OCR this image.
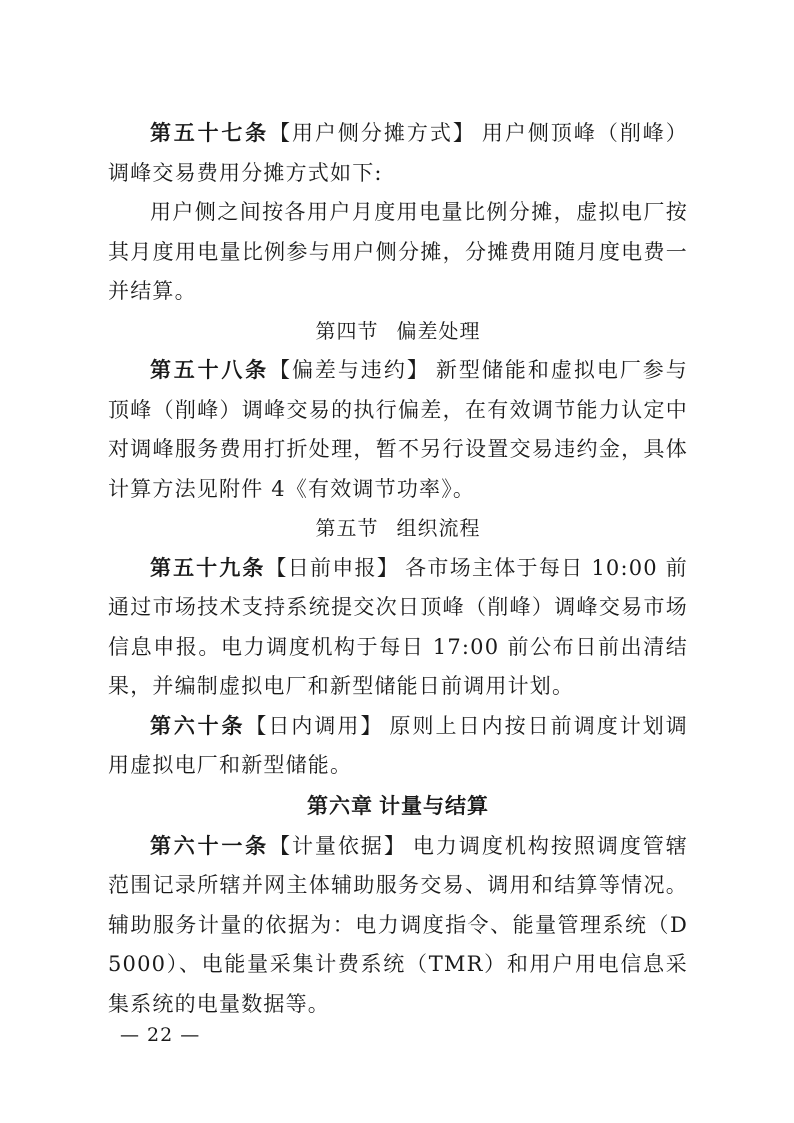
第五十七条【用户侧分摊方式】 用户侧顶峰（削峰）调峰交易费用分摊方式如下:

用户侧之间按各用户月度用电量比例分摊，虚拟电厂按其月度用电量比例参与用户侧分摊，分摊费用随月度电费一并结算。

第四节 偏差处理

第五十八条【偏差与违约】 新型储能和虚拟电厂参与顶峰（削峰）调峰交易的执行偏差，在有效调节能力认定中对调峰服务费用打折处理，暂不另行设置交易违约金，具体计算方法见附件 4《有效调节功率》。

第五节 组织流程

第五十九条【日前申报】 各市场主体于每日 10:00 前通过市场技术支持系统提交次日顶峰（削峰）调峰交易市场信息申报。电力调度机构于每日 17:00 前公布日前出清结果，并编制虚拟电厂和新型储能日前调用计划。

第六十条【日内调用】 原则上日内按日前调度计划调用虚拟电厂和新型储能。

第六章 计量与结算

第六十一条【计量依据】 电力调度机构按照调度管辖范围记录所辖并网主体辅助服务交易、调用和结算等情况。辅助服务计量的依据为：电力调度指令、能量管理系统（D5000）、电能量采集计费系统（TMR）和用户用电信息采集系统的电量数据等。

— 22 —
